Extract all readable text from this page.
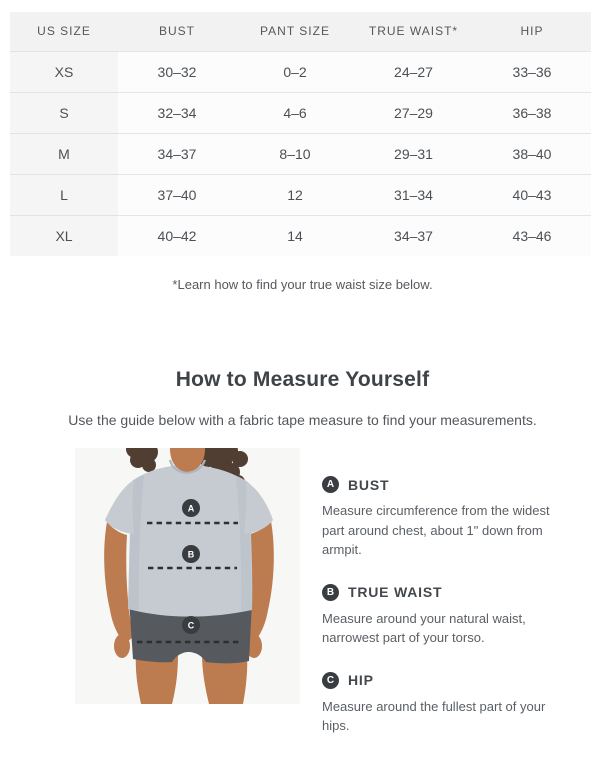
US SIZE	BUST	PANT SIZE	TRUE WAIST*	HIP
XS	30–32	0–2	24–27	33–36
S	32–34	4–6	27–29	36–38
M	34–37	8–10	29–31	38–40
L	37–40	12	31–34	40–43
XL	40–42	14	34–37	43–46
*Learn how to find your true waist size below.
How to Measure Yourself
Use the guide below with a fabric tape measure to find your measurements.
A
B
C
A BUST
Measure circumference from the widest part around chest, about 1" down from armpit.
B TRUE WAIST
Measure around your natural waist, narrowest part of your torso.
C HIP
Measure around the fullest part of your hips.
